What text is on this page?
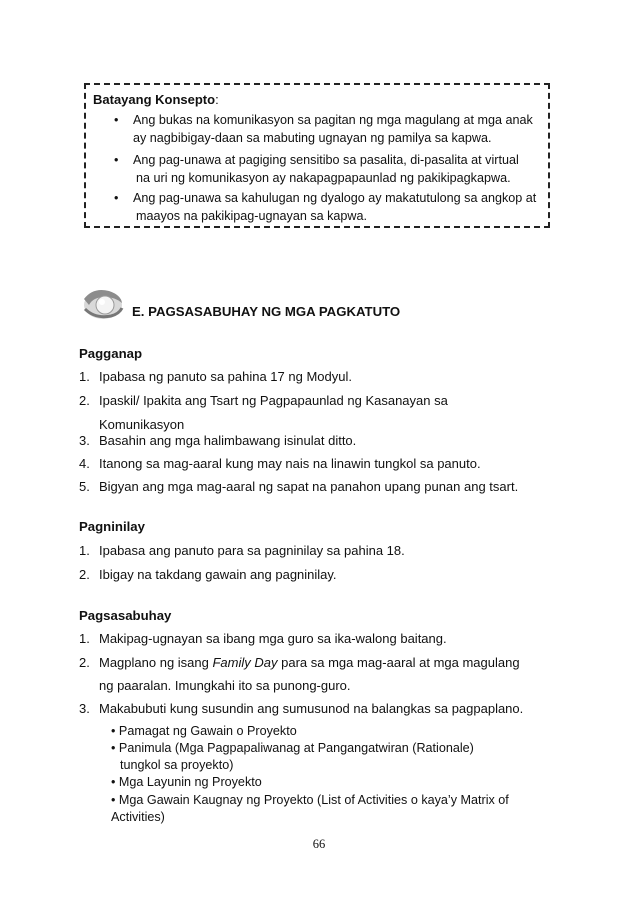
Batayang Konsepto:
• Ang bukas na komunikasyon sa pagitan ng mga magulang at mga anak
ay nagbibigay-daan sa mabuting ugnayan ng pamilya sa kapwa.
• Ang pag-unawa at pagiging sensitibo sa pasalita, di-pasalita at virtual
na uri ng komunikasyon ay nakapagpapaunlad ng pakikipagkapwa.
• Ang pag-unawa sa kahulugan ng dyalogo ay makatutulong sa angkop at
maayos na pakikipag-ugnayan sa kapwa.
E. PAGSASABUHAY NG MGA PAGKATUTO
Pagganap
1. Ipabasa ng panuto sa pahina 17 ng Modyul.
2. Ipaskil/ Ipakita ang Tsart ng Pagpapaunlad ng Kasanayan sa
Komunikasyon
3. Basahin ang mga halimbawang isinulat ditto.
4. Itanong sa mag-aaral kung may nais na linawin tungkol sa panuto.
5. Bigyan ang mga mag-aaral ng sapat na panahon upang punan ang tsart.
Pagninilay
1. Ipabasa ang panuto para sa pagninilay sa pahina 18.
2. Ibigay na takdang gawain ang pagninilay.
Pagsasabuhay
1. Makipag-ugnayan sa ibang mga guro sa ika-walong baitang.
2. Magplano ng isang Family Day para sa mga mag-aaral at mga magulang
ng paaralan. Imungkahi ito sa punong-guro.
3. Makabubuti kung susundin ang sumusunod na balangkas sa pagpaplano.
• Pamagat ng Gawain o Proyekto
• Panimula (Mga Pagpapaliwanag at Pangangatwiran (Rationale)
tungkol sa proyekto)
• Mga Layunin ng Proyekto
• Mga Gawain Kaugnay ng Proyekto (List of Activities o kaya’y Matrix of
Activities)
66
